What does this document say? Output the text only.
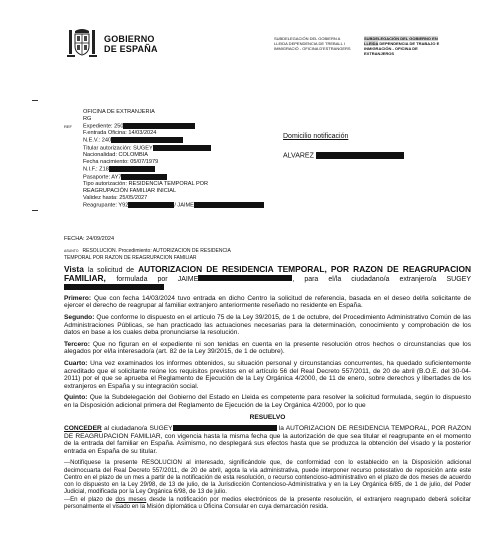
GOBIERNO
DE ESPAÑA
SUBDELEGACIÓN DEL GOBIERN A LLEIDA DEPENDENCIA DE TREBALL I IMMIGRACIÓ - OFICINA D'ESTRANGERS
SUBDELEGACIÓN DEL GOBIERNO EN LLEIDA DEPENDENCIA DE TRABAJO E INMIGRACIÓN - OFICINA DE EXTRANJEROS
REF
OFICINA DE EXTRANJERIA
RG
Expediente: 250
F.entrada Oficina: 14/03/2024
N.E.V.: 240
Titular autorización: SUGEY
Nacionalidad: COLOMBIA
Fecha nacimiento: 05/07/1979
N.I.F.: Z18
Pasaporte: AY7
Tipo autorización: RESIDENCIA TEMPORAL POR REAGRUPACIÓN FAMILIAR INICIAL
Validez hasta: 25/05/2027
Reagrupante: Y92	/ JAIME
Domicilio notificación
ALVAREZ
FECHA: 24/09/2024
ASUNTO RESOLUCION. Procedimiento: AUTORIZACION DE RESIDENCIA TEMPORAL POR RAZON DE REAGRUPACION FAMILIAR

Vista la solicitud de AUTORIZACION DE RESIDENCIA TEMPORAL, POR RAZON DE REAGRUPACION FAMILIAR, formulada por JAIME	, para el/la ciudadano/a extranjero/a SUGEY

Primero: Que con fecha 14/03/2024 tuvo entrada en dicho Centro la solicitud de referencia, basada en el deseo del/la solicitante de ejercer el derecho de reagrupar al familiar extranjero anteriormente reseñado no residente en España.

Segundo: Que conforme lo dispuesto en el artículo 75 de la Ley 39/2015, de 1 de octubre, del Procedimiento Administrativo Común de las Administraciones Públicas, se han practicado las actuaciones necesarias para la determinación, conocimiento y comprobación de los datos en base a los cuales deba pronunciarse la resolución.

Tercero: Que no figuran en el expediente ni son tenidas en cuenta en la presente resolución otros hechos o circunstancias que los alegados por el/la interesado/a (art. 82 de la Ley 39/2015, de 1 de octubre).

Cuarto: Una vez examinados los informes obtenidos, su situación personal y circunstancias concurrentes, ha quedado suficientemente acreditado que el solicitante reúne los requisitos previstos en el artículo 56 del Real Decreto 557/2011, de 20 de abril (B.O.E. del 30-04-2011) por el que se aprueba el Reglamento de Ejecución de la Ley Orgánica 4/2000, de 11 de enero, sobre derechos y libertades de los extranjeros en España y su integración social.

Quinto: Que la Subdelegación del Gobierno del Estado en Lleida es competente para resolver la solicitud formulada, según lo dispuesto en la Disposición adicional primera del Reglamento de Ejecución de la Ley Orgánica 4/2000, por lo que

RESUELVO

CONCEDER al ciudadano/a SUGEY	la AUTORIZACION DE RESIDENCIA TEMPORAL, POR RAZON DE REAGRUPACION FAMILIAR, con vigencia hasta la misma fecha que la autorización de que sea titular el reagrupante en el momento de la entrada del familiar en España. Asimismo, no desplegará sus efectos hasta que se produzca la obtención del visado y la posterior entrada en España de su titular.

---Notifíquese la presente RESOLUCION al interesado, significándole que, de conformidad con lo establecido en la Disposición adicional decimocuarta del Real Decreto 557/2011, de 20 de abril, agota la vía administrativa, puede interponer recurso potestativo de reposición ante este Centro en el plazo de un mes a partir de la notificación de esta resolución, o recurso contencioso-administrativo en el plazo de dos meses de acuerdo con lo dispuesto en la Ley 29/98, de 13 de julio, de la Jurisdicción Contencioso-Administrativa y en la Ley Orgánica 6/85, de 1 de julio, del Poder Judicial, modificada por la Ley Orgánica 6/98, de 13 de julio.

---En el plazo de dos meses desde la notificación por medios electrónicos de la presente resolución, el extranjero reagrupado deberá solicitar personalmente el visado en la Misión diplomática u Oficina Consular en cuya demarcación resida.
